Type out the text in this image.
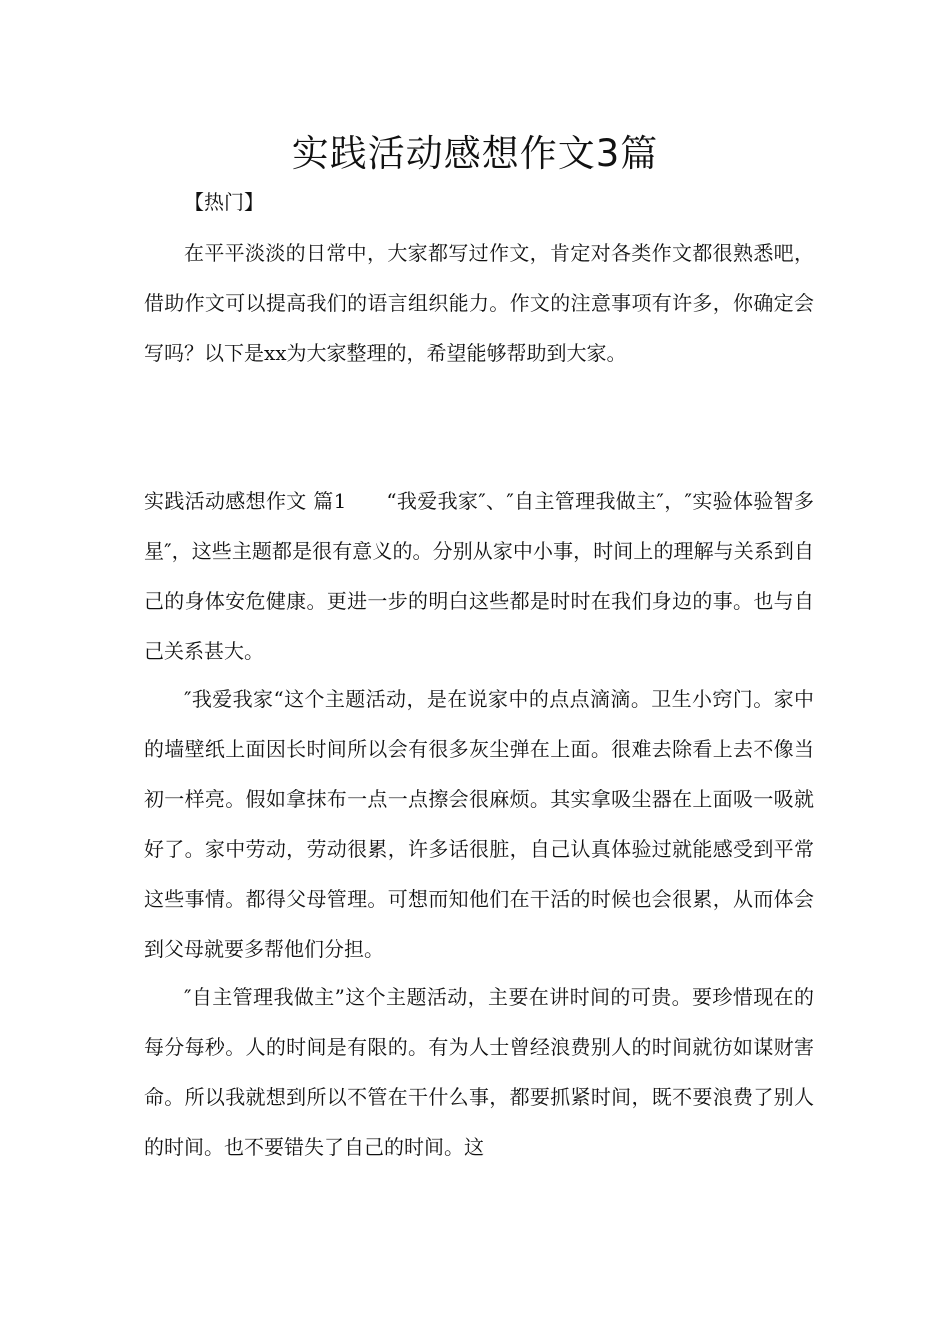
实践活动感想作文3篇
【热门】

在平平淡淡的日常中，大家都写过作文，肯定对各类作文都很熟悉吧，借助作文可以提高我们的语言组织能力。作文的注意事项有许多，你确定会写吗？以下是xx为大家整理的，希望能够帮助到大家。

实践活动感想作文 篇1 “我爱我家″、″自主管理我做主″，″实验体验智多星″，这些主题都是很有意义的。分别从家中小事，时间上的理解与关系到自己的身体安危健康。更进一步的明白这些都是时时在我们身边的事。也与自己关系甚大。

″我爱我家“这个主题活动，是在说家中的点点滴滴。卫生小窍门。家中的墙壁纸上面因长时间所以会有很多灰尘弹在上面。很难去除看上去不像当初一样亮。假如拿抹布一点一点擦会很麻烦。其实拿吸尘器在上面吸一吸就好了。家中劳动，劳动很累，许多话很脏，自己认真体验过就能感受到平常这些事情。都得父母管理。可想而知他们在干活的时候也会很累，从而体会到父母就要多帮他们分担。

″自主管理我做主”这个主题活动，主要在讲时间的可贵。要珍惜现在的每分每秒。人的时间是有限的。有为人士曾经浪费别人的时间就彷如谋财害命。所以我就想到所以不管在干什么事，都要抓紧时间，既不要浪费了别人的时间。也不要错失了自己的时间。这
